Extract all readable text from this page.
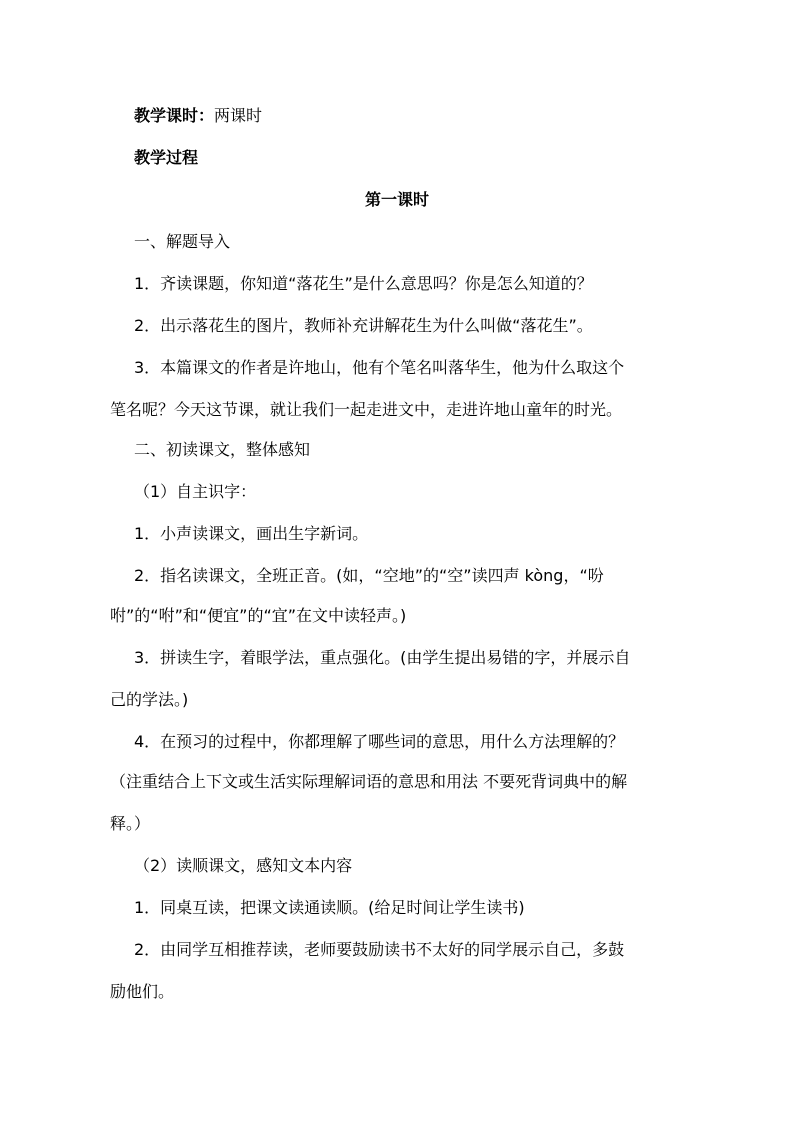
教学课时：两课时
教学过程
第一课时
一、解题导入
1．齐读课题，你知道“落花生”是什么意思吗？你是怎么知道的？
2．出示落花生的图片，教师补充讲解花生为什么叫做“落花生”。
3．本篇课文的作者是许地山，他有个笔名叫落华生，他为什么取这个
笔名呢？今天这节课，就让我们一起走进文中，走进许地山童年的时光。
二、初读课文，整体感知
（1）自主识字：
1．小声读课文，画出生字新词。
2．指名读课文，全班正音。(如，“空地”的“空”读四声 kòng，“吩
咐”的“咐”和“便宜”的“宜”在文中读轻声。)
3．拼读生字，着眼学法，重点强化。(由学生提出易错的字，并展示自
己的学法。)
4．在预习的过程中，你都理解了哪些词的意思，用什么方法理解的？
（注重结合上下文或生活实际理解词语的意思和用法 不要死背词典中的解
释。）
（2）读顺课文，感知文本内容
1．同桌互读，把课文读通读顺。(给足时间让学生读书)
2．由同学互相推荐读，老师要鼓励读书不太好的同学展示自己，多鼓
励他们。
